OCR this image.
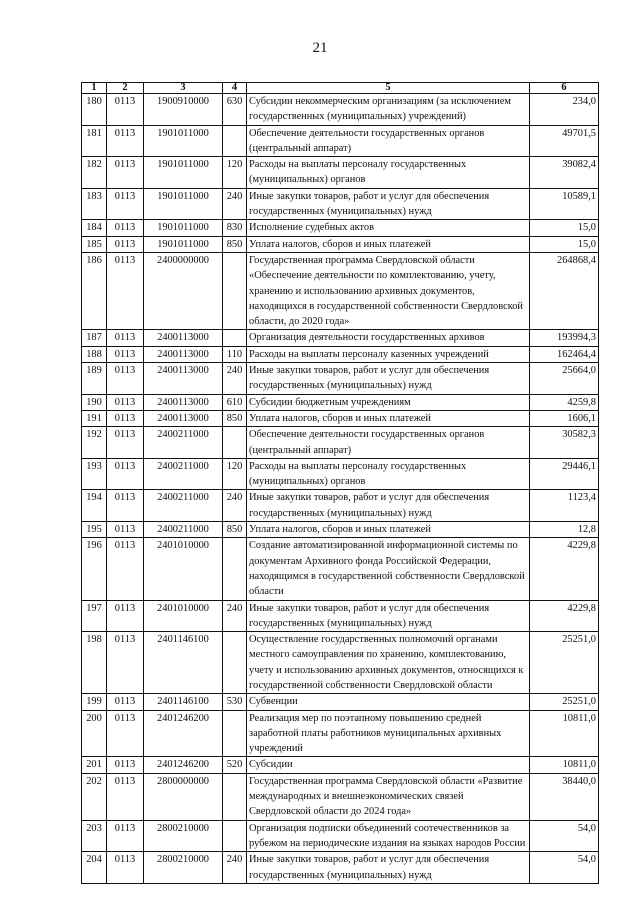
21
1	2	3	4	5	6
180	0113	1900910000	630	Субсидии некоммерческим организациям (за исключением государственных (муниципальных) учреждений)	234,0
181	0113	1901011000		Обеспечение деятельности государственных органов (центральный аппарат)	49701,5
182	0113	1901011000	120	Расходы на выплаты персоналу государственных (муниципальных) органов	39082,4
183	0113	1901011000	240	Иные закупки товаров, работ и услуг для обеспечения государственных (муниципальных) нужд	10589,1
184	0113	1901011000	830	Исполнение судебных актов	15,0
185	0113	1901011000	850	Уплата налогов, сборов и иных платежей	15,0
186	0113	2400000000		Государственная программа Свердловской области «Обеспечение деятельности по комплектованию, учету, хранению и использованию архивных документов, находящихся в государственной собственности Свердловской области, до 2020 года»	264868,4
187	0113	2400113000		Организация деятельности государственных архивов	193994,3
188	0113	2400113000	110	Расходы на выплаты персоналу казенных учреждений	162464,4
189	0113	2400113000	240	Иные закупки товаров, работ и услуг для обеспечения государственных (муниципальных) нужд	25664,0
190	0113	2400113000	610	Субсидии бюджетным учреждениям	4259,8
191	0113	2400113000	850	Уплата налогов, сборов и иных платежей	1606,1
192	0113	2400211000		Обеспечение деятельности государственных органов (центральный аппарат)	30582,3
193	0113	2400211000	120	Расходы на выплаты персоналу государственных (муниципальных) органов	29446,1
194	0113	2400211000	240	Иные закупки товаров, работ и услуг для обеспечения государственных (муниципальных) нужд	1123,4
195	0113	2400211000	850	Уплата налогов, сборов и иных платежей	12,8
196	0113	2401010000		Создание автоматизированной информационной системы по документам Архивного фонда Российской Федерации, находящимся в государственной собственности Свердловской области	4229,8
197	0113	2401010000	240	Иные закупки товаров, работ и услуг для обеспечения государственных (муниципальных) нужд	4229,8
198	0113	2401146100		Осуществление государственных полномочий органами местного самоуправления по хранению, комплектованию, учету и использованию архивных документов, относящихся к государственной собственности Свердловской области	25251,0
199	0113	2401146100	530	Субвенции	25251,0
200	0113	2401246200		Реализация мер по поэтапному повышению средней заработной платы работников муниципальных архивных учреждений	10811,0
201	0113	2401246200	520	Субсидии	10811,0
202	0113	2800000000		Государственная программа Свердловской области «Развитие международных и внешнеэкономических связей Свердловской области до 2024 года»	38440,0
203	0113	2800210000		Организация подписки объединений соотечественников за рубежом на периодические издания на языках народов России	54,0
204	0113	2800210000	240	Иные закупки товаров, работ и услуг для обеспечения государственных (муниципальных) нужд	54,0
